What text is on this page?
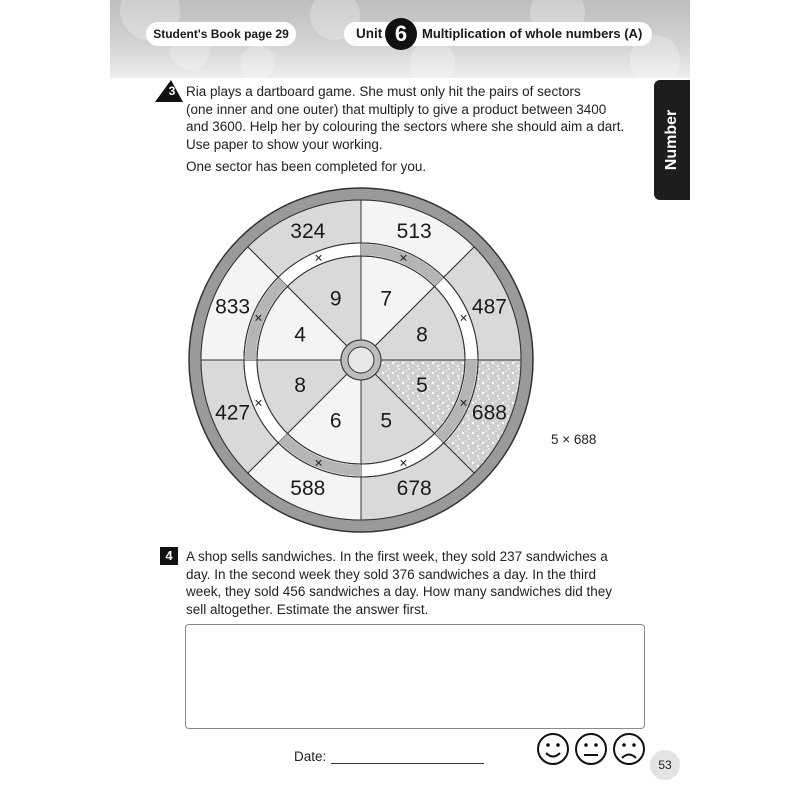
Student's Book page 29	Unit 6	Multiplication of whole numbers (A)
Number
3 Ria plays a dartboard game. She must only hit the pairs of sectors
(one inner and one outer) that multiply to give a product between 3400
and 3600. Help her by colouring the sectors where she should aim a dart.
Use paper to show your working.
One sector has been completed for you.
513
7
×
487
8
×
688
5
×
678
5
×
588
6
×
427
8
×
833
4
×
324
9
×
5 × 688
4 A shop sells sandwiches. In the first week, they sold 237 sandwiches a
day. In the second week they sold 376 sandwiches a day. In the third
week, they sold 456 sandwiches a day. How many sandwiches did they
sell altogether. Estimate the answer first.
Date:
53
